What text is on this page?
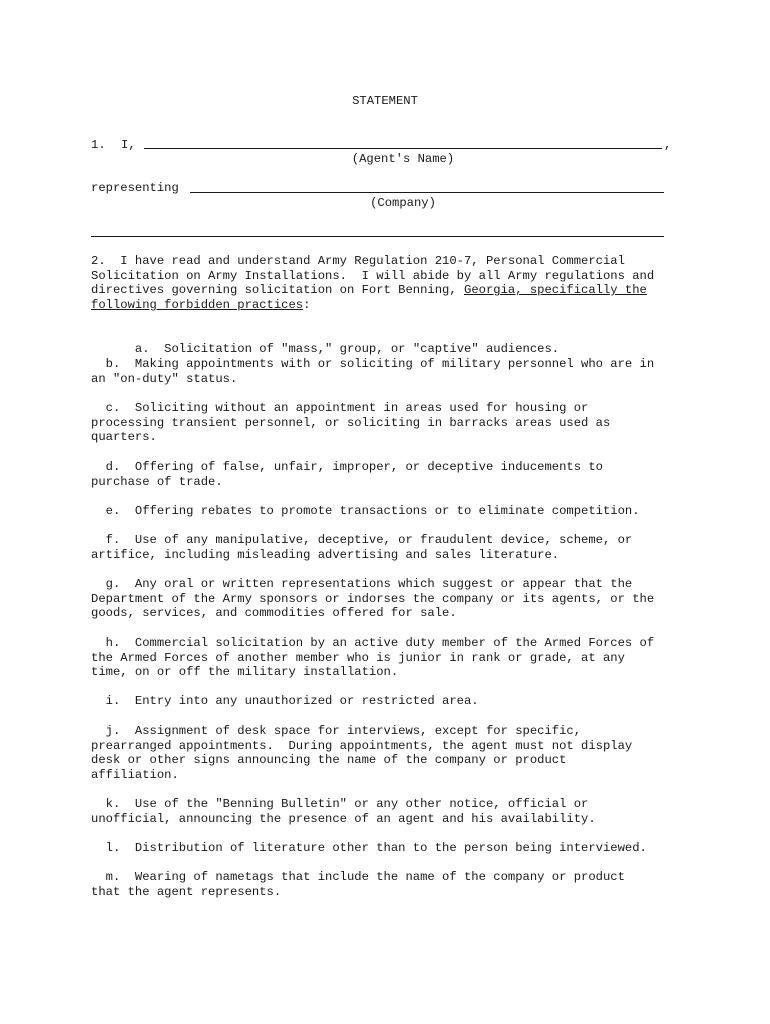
STATEMENT
1. I,	,
(Agent's Name)
representing
(Company)
2.  I have read and understand Army Regulation 210-7, Personal Commercial
Solicitation on Army Installations.  I will abide by all Army regulations and
directives governing solicitation on Fort Benning, Georgia, specifically the
following forbidden practices:

a.  Solicitation of "mass," group, or "captive" audiences.

b.  Making appointments with or soliciting of military personnel who are in
an "on-duty" status.
c.  Soliciting without an appointment in areas used for housing or
processing transient personnel, or soliciting in barracks areas used as
quarters.
d.  Offering of false, unfair, improper, or deceptive inducements to
purchase of trade.
e.  Offering rebates to promote transactions or to eliminate competition.
f.  Use of any manipulative, deceptive, or fraudulent device, scheme, or
artifice, including misleading advertising and sales literature.
g.  Any oral or written representations which suggest or appear that the
Department of the Army sponsors or indorses the company or its agents, or the
goods, services, and commodities offered for sale.
h.  Commercial solicitation by an active duty member of the Armed Forces of
the Armed Forces of another member who is junior in rank or grade, at any
time, on or off the military installation.
i.  Entry into any unauthorized or restricted area.
j.  Assignment of desk space for interviews, except for specific,
prearranged appointments.  During appointments, the agent must not display
desk or other signs announcing the name of the company or product
affiliation.
k.  Use of the "Benning Bulletin" or any other notice, official or
unofficial, announcing the presence of an agent and his availability.
l.  Distribution of literature other than to the person being interviewed.
m.  Wearing of nametags that include the name of the company or product
that the agent represents.
